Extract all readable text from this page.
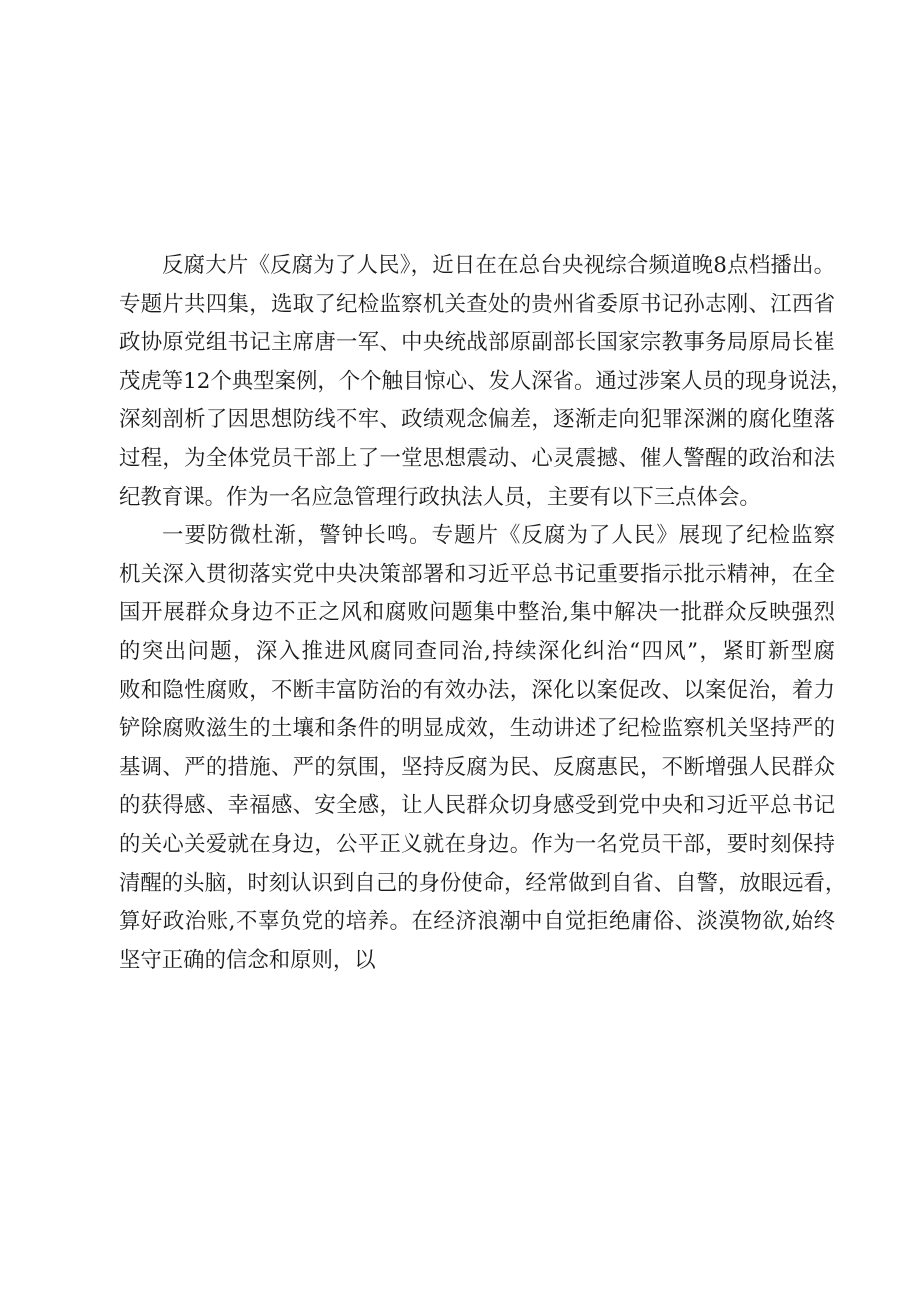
反腐大片《反腐为了人民》，近日在在总台央视综合频道晚8点档播出。
专题片共四集，选取了纪检监察机关查处的贵州省委原书记孙志刚、江西省
政协原党组书记主席唐一军、中央统战部原副部长国家宗教事务局原局长崔
茂虎等12个典型案例，个个触目惊心、发人深省。通过涉案人员的现身说法，
深刻剖析了因思想防线不牢、政绩观念偏差，逐渐走向犯罪深渊的腐化堕落
过程，为全体党员干部上了一堂思想震动、心灵震撼、催人警醒的政治和法
纪教育课。作为一名应急管理行政执法人员，主要有以下三点体会。
一要防微杜渐，警钟长鸣。专题片《反腐为了人民》展现了纪检监察
机关深入贯彻落实党中央决策部署和习近平总书记重要指示批示精神，在全
国开展群众身边不正之风和腐败问题集中整治,集中解决一批群众反映强烈
的突出问题，深入推进风腐同查同治,持续深化纠治“四风”，紧盯新型腐
败和隐性腐败，不断丰富防治的有效办法，深化以案促改、以案促治，着力
铲除腐败滋生的土壤和条件的明显成效，生动讲述了纪检监察机关坚持严的
基调、严的措施、严的氛围，坚持反腐为民、反腐惠民，不断增强人民群众
的获得感、幸福感、安全感，让人民群众切身感受到党中央和习近平总书记
的关心关爱就在身边，公平正义就在身边。作为一名党员干部，要时刻保持
清醒的头脑，时刻认识到自己的身份使命，经常做到自省、自警，放眼远看，
算好政治账,不辜负党的培养。在经济浪潮中自觉拒绝庸俗、淡漠物欲,始终
坚守正确的信念和原则，以
